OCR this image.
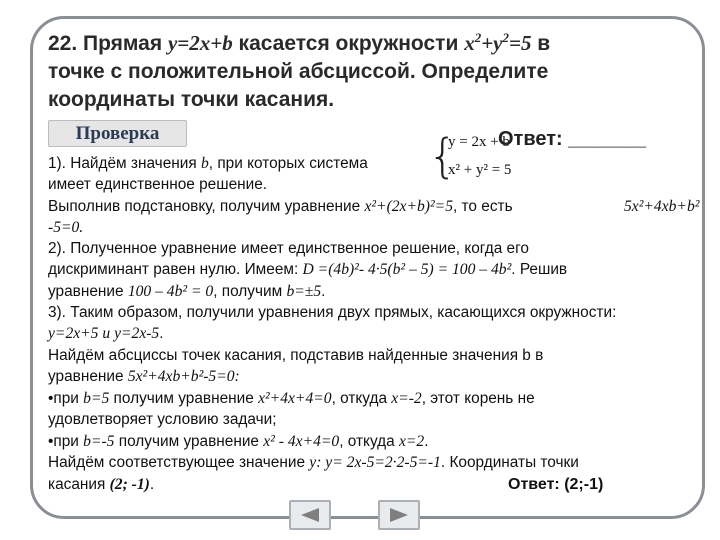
22. Прямая y=2x+b касается окружности $x^2+y^2=5$ в
точке с положительной абсциссой. Определите
координаты точки касания.
Проверка	{
y = 2x + b
x² + y² = 5
Ответ: _______
1). Найдём значения b, при которых система
имеет единственное решение.
Выполнив подстановку, получим уравнение x²+(2x+b)²=5, то есть	5x²+4xb+b²
-5=0.
2). Полученное уравнение имеет единственное решение, когда его
дискриминант равен нулю. Имеем: D =(4b)²- 4·5(b² – 5) = 100 – 4b². Решив
уравнение 100 – 4b² = 0, получим b=±5.
3). Таким образом, получили уравнения двух прямых, касающихся окружности:
y=2x+5 и y=2x-5.
Найдём абсциссы точек касания, подставив найденные значения b в
уравнение 5x²+4xb+b²-5=0:
•при b=5 получим уравнение x²+4x+4=0, откуда x=-2, этот корень не
удовлетворяет условию задачи;
•при b=-5 получим уравнение x² - 4x+4=0, откуда x=2.
Найдём соответствующее значение y: y= 2x-5=2·2-5=-1. Координаты точки
касания (2; -1).	Ответ: (2;-1)
